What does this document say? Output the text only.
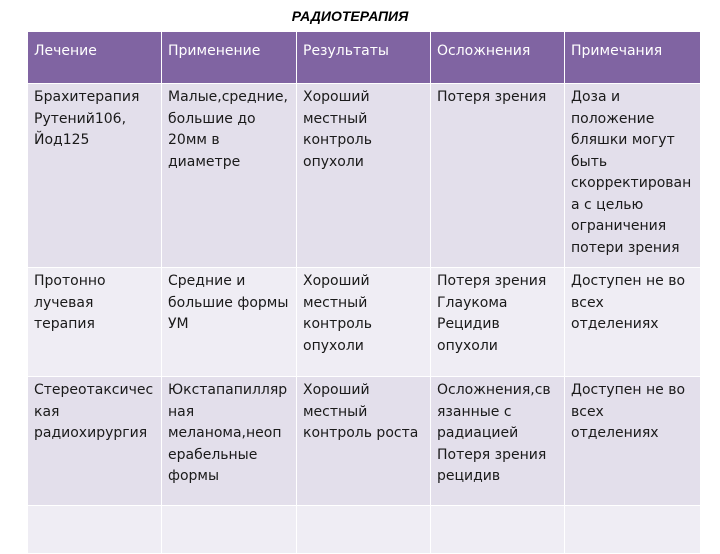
РАДИОТЕРАПИЯ
Лечение	Применение	Результаты	Осложнения	Примечания
Брахитерапия Рутений106, Йод125	Малые,средние,большие до 20мм в диаметре	Хороший местный контроль опухоли	Потеря зрения	Доза и положение бляшки могут быть скорректирована с целью ограничения потери зрения
Протонно лучевая терапия	Средние и большие формы УМ	Хороший местный контроль опухоли	Потеря зрения Глаукома Рецидив опухоли	Доступен не во всех отделениях
Стереотаксическая радиохирургия	Юкстапапиллярная меланома,неоперабельные формы	Хороший местный контроль роста	Осложнения,связанные с радиацией Потеря зрения рецидив	Доступен не во всех отделениях
